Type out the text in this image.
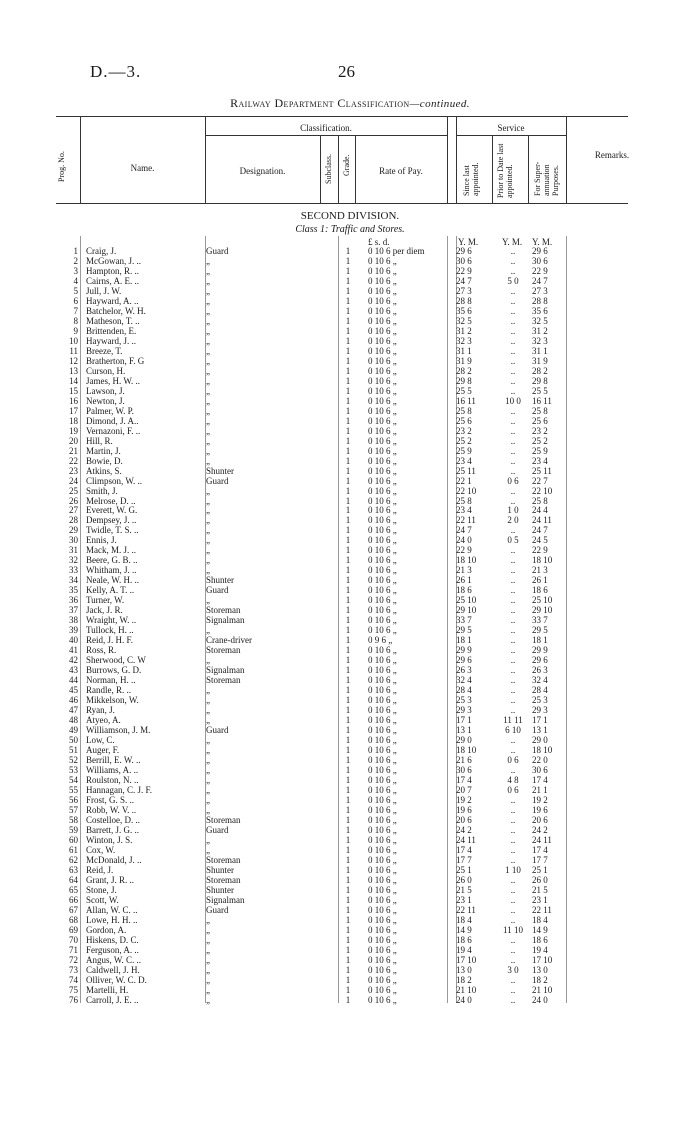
D.—3.	26
Railway Department Classification—continued.
Prog. No.	Name.
Classification.
Designation.	Subclass. Grade.	Rate of Pay.
Service
Since last appointed. Prior to Date last appointed. For Super-annuation Purposes.
Remarks.
SECOND DIVISION.
Class 1: Traffic and Stores.
£ s. d.	Y. M.	Y. M. Y. M.
1 Craig, J.	Guard	1 0 10 6 per diem	29 6	..	29 6
2 McGowan, J. ..	„	1 0 10 6 „	30 6	..	30 6
3 Hampton, R. ..	„	1 0 10 6 „	22 9	..	22 9
4 Cairns, A. E. ..	„	1 0 10 6 „	24 7	5 0	24 7
5 Jull, J. W.	„	1 0 10 6 „	27 3	..	27 3
6 Hayward, A. ..	„	1 0 10 6 „	28 8	..	28 8
7 Batchelor, W. H.	„	1 0 10 6 „	35 6	..	35 6
8 Matheson, T. ..	„	1 0 10 6 „	32 5	..	32 5
9 Brittenden, E.	„	1 0 10 6 „	31 2	..	31 2
10 Hayward, J. ..	„	1 0 10 6 „	32 3	..	32 3
11 Breeze, T.	„	1 0 10 6 „	31 1	..	31 1
12 Bratherton, F. G	„	1 0 10 6 „	31 9	..	31 9
13 Curson, H.	„	1 0 10 6 „	28 2	..	28 2
14 James, H. W. ..	„	1 0 10 6 „	29 8	..	29 8
15 Lawson, J.	„	1 0 10 6 „	25 5	..	25 5
16 Newton, J.	„	1 0 10 6 „	16 11	10 0	16 11
17 Palmer, W. P.	„	1 0 10 6 „	25 8	..	25 8
18 Dimond, J. A..	„	1 0 10 6 „	25 6	..	25 6
19 Vernazoni, F. ..	„	1 0 10 6 „	23 2	..	23 2
20 Hill, R.	„	1 0 10 6 „	25 2	..	25 2
21 Martin, J.	„	1 0 10 6 „	25 9	..	25 9
22 Bowie, D.	„	1 0 10 6 „	23 4	..	23 4
23 Atkins, S.	Shunter	1 0 10 6 „	25 11	..	25 11
24 Climpson, W. ..	Guard	1 0 10 6 „	22 1	0 6	22 7
25 Smith, J.	„	1 0 10 6 „	22 10	..	22 10
26 Melrose, D. ..	„	1 0 10 6 „	25 8	..	25 8
27 Everett, W. G.	„	1 0 10 6 „	23 4	1 0	24 4
28 Dempsey, J. ..	„	1 0 10 6 „	22 11	2 0	24 11
29 Twidle, T. S. ..	„	1 0 10 6 „	24 7	..	24 7
30 Ennis, J.	„	1 0 10 6 „	24 0	0 5	24 5
31 Mack, M. J. ..	„	1 0 10 6 „	22 9	..	22 9
32 Beere, G. B. ..	„	1 0 10 6 „	18 10	..	18 10
33 Whitham, J. ..	„	1 0 10 6 „	21 3	..	21 3
34 Neale, W. H. ..	Shunter	1 0 10 6 „	26 1	..	26 1
35 Kelly, A. T. ..	Guard	1 0 10 6 „	18 6	..	18 6
36 Turner, W.	„	1 0 10 6 „	25 10	..	25 10
37 Jack, J. R.	Storeman	1 0 10 6 „	29 10	..	29 10
38 Wraight, W. ..	Signalman	1 0 10 6 „	33 7	..	33 7
39 Tullock, H. ..	„	1 0 10 6 „	29 5	..	29 5
40 Reid, J. H. F.	Crane-driver	1 0 9 6 „	18 1	..	18 1
41 Ross, R.	Storeman	1 0 10 6 „	29 9	..	29 9
42 Sherwood, C. W	„	1 0 10 6 „	29 6	..	29 6
43 Burrows, G. D.	Signalman	1 0 10 6 „	26 3	..	26 3
44 Norman, H. ..	Storeman	1 0 10 6 „	32 4	..	32 4
45 Randle, R. ..	„	1 0 10 6 „	28 4	..	28 4
46 Mikkelson, W.	„	1 0 10 6 „	25 3	..	25 3
47 Ryan, J.	„	1 0 10 6 „	29 3	..	29 3
48 Atyeo, A.	„	1 0 10 6 „	17 1	11 11	17 1
49 Williamson, J. M.	Guard	1 0 10 6 „	13 1	6 10	13 1
50 Low, C.	„	1 0 10 6 „	29 0	..	29 0
51 Auger, F.	„	1 0 10 6 „	18 10	..	18 10
52 Berrill, E. W. ..	„	1 0 10 6 „	21 6	0 6	22 0
53 Williams, A. ..	„	1 0 10 6 „	30 6	..	30 6
54 Roulston, N. ..	„	1 0 10 6 „	17 4	4 8	17 4
55 Hannagan, C. J. F.	„	1 0 10 6 „	20 7	0 6	21 1
56 Frost, G. S. ..	„	1 0 10 6 „	19 2	..	19 2
57 Robb, W. V. ..	„	1 0 10 6 „	19 6	..	19 6
58 Costelloe, D. ..	Storeman	1 0 10 6 „	20 6	..	20 6
59 Barrett, J. G. ..	Guard	1 0 10 6 „	24 2	..	24 2
60 Winton, J. S.	„	1 0 10 6 „	24 11	..	24 11
61 Cox, W.	„	1 0 10 6 „	17 4	..	17 4
62 McDonald, J. ..	Storeman	1 0 10 6 „	17 7	..	17 7
63 Reid, J.	Shunter	1 0 10 6 „	25 1	1 10	25 1
64 Grant, J. R. ..	Storeman	1 0 10 6 „	26 0	..	26 0
65 Stone, J.	Shunter	1 0 10 6 „	21 5	..	21 5
66 Scott, W.	Signalman	1 0 10 6 „	23 1	..	23 1
67 Allan, W. C. ..	Guard	1 0 10 6 „	22 11	..	22 11
68 Lowe, H. H. ..	„	1 0 10 6 „	18 4	..	18 4
69 Gordon, A.	„	1 0 10 6 „	14 9	11 10	14 9
70 Hiskens, D. C.	„	1 0 10 6 „	18 6	..	18 6
71 Ferguson, A. ..	„	1 0 10 6 „	19 4	..	19 4
72 Angus, W. C. ..	„	1 0 10 6 „	17 10	..	17 10
73 Caldwell, J. H.	„	1 0 10 6 „	13 0	3 0	13 0
74 Olliver, W. C. D.	„	1 0 10 6 „	18 2	..	18 2
75 Martelli, H.	„	1 0 10 6 „	21 10	..	21 10
76 Carroll, J. E. ..	„	1 0 10 6 „	24 0	..	24 0
